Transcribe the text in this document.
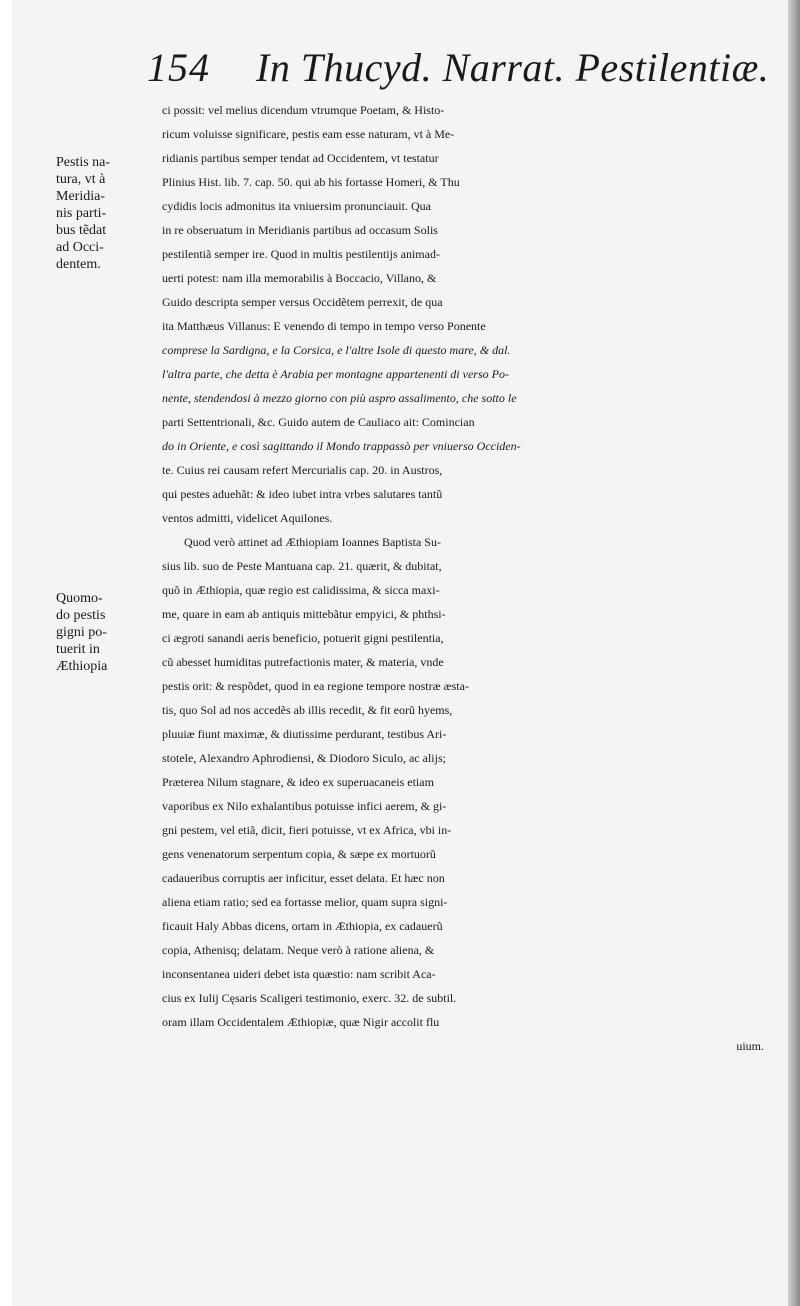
154 In Thucyd. Narrat. Pestilentiæ.
Pestis na-
tura, vt à
Meridia-
nis parti-
bus tẽdat
ad Occi-
dentem.
Quomo-
do pestis
gigni po-
tuerit in
Æthiopia
ci possit: vel melius dicendum vtrumque Poetam, & Histo-
ricum voluisse significare, pestis eam esse naturam, vt à Me-
ridianis partibus semper tendat ad Occidentem, vt testatur
Plinius Hist. lib. 7. cap. 50. qui ab his fortasse Homeri, & Thu
cydidis locis admonitus ita vniuersim pronunciauit. Qua
in re obseruatum in Meridianis partibus ad occasum Solis
pestilentiã semper ire. Quod in multis pestilentijs animad-
uerti potest: nam illa memorabilis à Boccacio, Villano, &
Guido descripta semper versus Occidẽtem perrexit, de qua
ita Matthæus Villanus: E venendo di tempo in tempo verso Ponente
comprese la Sardigna, e la Corsica, e l'altre Isole di questo mare, & dal.
l'altra parte, che detta è Arabia per montagne appartenenti di verso Po-
nente, stendendosi à mezzo giorno con più aspro assalimento, che sotto le
parti Settentrionali, &c. Guido autem de Cauliaco ait: Comincian
do in Oriente, e così sagittando il Mondo trappassò per vniuerso Occiden-
te. Cuius rei causam refert Mercurialis cap. 20. in Austros,
qui pestes aduehãt: & ideo iubet intra vrbes salutares tantũ
ventos admitti, videlicet Aquilones.
Quod verò attinet ad Æthiopiam Ioannes Baptista Su-
sius lib. suo de Peste Mantuana cap. 21. quærit, & dubitat,
quõ in Æthiopia, quæ regio est calidissima, & sicca maxi-
me, quare in eam ab antiquis mittebãtur empyici, & phthsi-
ci ægroti sanandi aeris beneficio, potuerit gigni pestilentia,
cũ abesset humiditas putrefactionis mater, & materia, vnde
pestis orit: & respõdet, quod in ea regione tempore nostræ æsta-
tis, quo Sol ad nos accedẽs ab illis recedit, & fit eorũ hyems,
pluuiæ fiunt maximæ, & diutissime perdurant, testibus Ari-
stotele, Alexandro Aphrodiensi, & Diodoro Siculo, ac alijs;
Præterea Nilum stagnare, & ideo ex superuacaneis etiam
vaporibus ex Nilo exhalantibus potuisse infici aerem, & gi-
gni pestem, vel etiã, dicit, fieri potuisse, vt ex Africa, vbi in-
gens venenatorum serpentum copia, & sæpe ex mortuorũ
cadaueribus corruptis aer inficitur, esset delata. Et hæc non
aliena etiam ratio; sed ea fortasse melior, quam supra signi-
ficauit Haly Abbas dicens, ortam in Æthiopia, ex cadauerũ
copia, Athenisq; delatam. Neque verò à ratione aliena, &
inconsentanea uideri debet ista quæstio: nam scribit Aca-
cius ex Iulij Cęsaris Scaligeri testimonio, exerc. 32. de subtil.
oram illam Occidentalem Æthiopiæ, quæ Nigir accolit flu
uium.
